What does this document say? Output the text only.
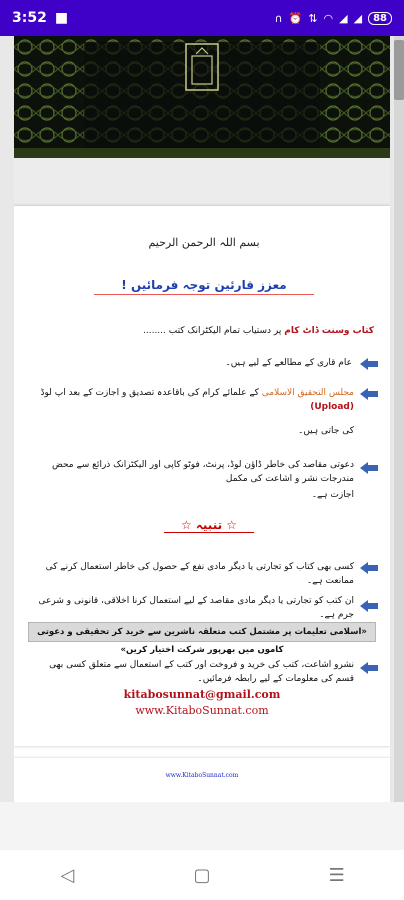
3:52 ■	∩ ⏰ ⇅ ◠ ◢ ◢	88
بسم اللہ الرحمن الرحیم
معزز قارئین توجہ فرمائیں !
کتاب وسنت ڈاٹ کام پر دستیاب تمام الیکٹرانک کتب ........
عام قاری کے مطالعے کے لیے ہیں۔
مجلس التحقیق الاسلامی کے علمائے کرام کی باقاعدہ تصدیق و اجازت کے بعد اپ لوڈ (Upload)
کی جاتی ہیں۔
دعوتی مقاصد کی خاطر ڈاؤن لوڈ، پرنٹ، فوٹو کاپی اور الیکٹرانک ذرائع سے محض مندرجات نشر و اشاعت کی مکمل
اجازت ہے۔
☆ تنبیہ ☆
کسی بھی کتاب کو تجارتی یا دیگر مادی نفع کے حصول کی خاطر استعمال کرنے کی ممانعت ہے۔
ان کتب کو تجارتی یا دیگر مادی مقاصد کے لیے استعمال کرنا اخلاقی، قانونی و شرعی جرم ہے۔
«اسلامی تعلیمات پر مشتمل کتب متعلقہ ناشرین سے خرید کر تحقیقی و دعوتی کاموں میں بھرپور شرکت اختیار کریں»
نشرو اشاعت، کتب کی خرید و فروخت اور کتب کے استعمال سے متعلق کسی بھی قسم کی معلومات کے لیے رابطہ فرمائیں۔
kitabosunnat@gmail.com
www.KitaboSunnat.com
www.KitaboSunnat.com
◁	▢	☰
